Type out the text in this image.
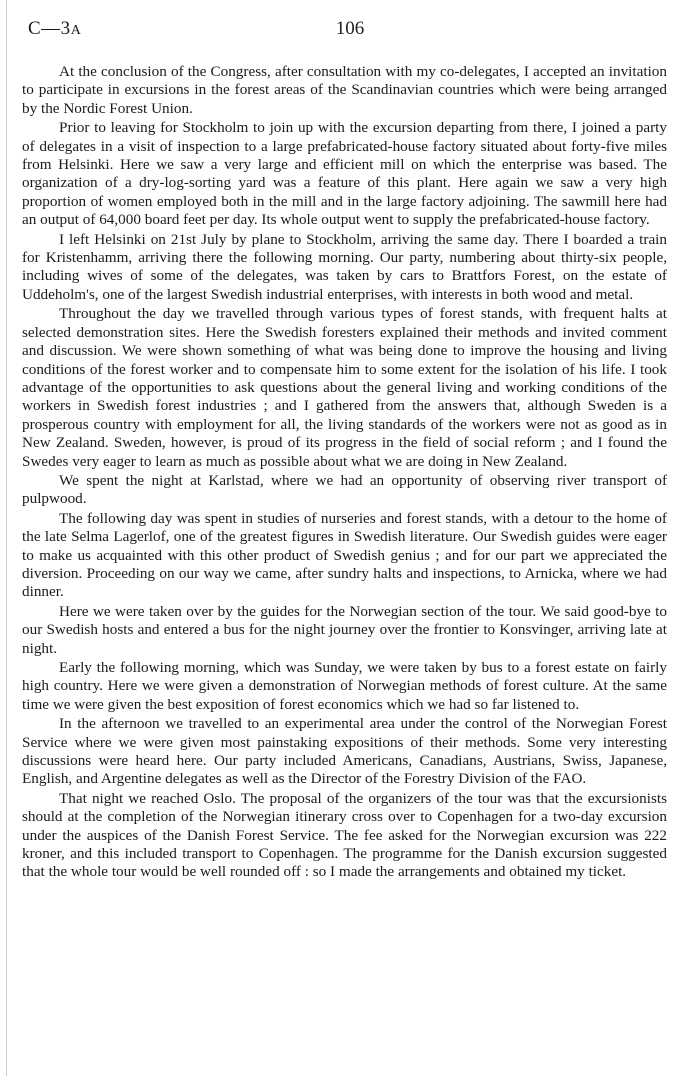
C—3A	106

At the conclusion of the Congress, after consultation with my co-delegates, I accepted an invitation to participate in excursions in the forest areas of the Scandinavian countries which were being arranged by the Nordic Forest Union.

Prior to leaving for Stockholm to join up with the excursion departing from there, I joined a party of delegates in a visit of inspection to a large prefabricated-house factory situated about forty-five miles from Helsinki. Here we saw a very large and efficient mill on which the enterprise was based. The organization of a dry-log-sorting yard was a feature of this plant. Here again we saw a very high proportion of women employed both in the mill and in the large factory adjoining. The sawmill here had an output of 64,000 board feet per day. Its whole output went to supply the prefabricated-house factory.

I left Helsinki on 21st July by plane to Stockholm, arriving the same day. There I boarded a train for Kristenhamm, arriving there the following morning. Our party, numbering about thirty-six people, including wives of some of the delegates, was taken by cars to Brattfors Forest, on the estate of Uddeholm's, one of the largest Swedish industrial enterprises, with interests in both wood and metal.

Throughout the day we travelled through various types of forest stands, with frequent halts at selected demonstration sites. Here the Swedish foresters explained their methods and invited comment and discussion. We were shown something of what was being done to improve the housing and living conditions of the forest worker and to compensate him to some extent for the isolation of his life. I took advantage of the opportunities to ask questions about the general living and working conditions of the workers in Swedish forest industries ; and I gathered from the answers that, although Sweden is a prosperous country with employment for all, the living standards of the workers were not as good as in New Zealand. Sweden, however, is proud of its progress in the field of social reform ; and I found the Swedes very eager to learn as much as possible about what we are doing in New Zealand.

We spent the night at Karlstad, where we had an opportunity of observing river transport of pulpwood.

The following day was spent in studies of nurseries and forest stands, with a detour to the home of the late Selma Lagerlof, one of the greatest figures in Swedish literature. Our Swedish guides were eager to make us acquainted with this other product of Swedish genius ; and for our part we appreciated the diversion. Proceeding on our way we came, after sundry halts and inspections, to Arnicka, where we had dinner.

Here we were taken over by the guides for the Norwegian section of the tour. We said good-bye to our Swedish hosts and entered a bus for the night journey over the frontier to Konsvinger, arriving late at night.

Early the following morning, which was Sunday, we were taken by bus to a forest estate on fairly high country. Here we were given a demonstration of Norwegian methods of forest culture. At the same time we were given the best exposition of forest economics which we had so far listened to.

In the afternoon we travelled to an experimental area under the control of the Norwegian Forest Service where we were given most painstaking expositions of their methods. Some very interesting discussions were heard here. Our party included Americans, Canadians, Austrians, Swiss, Japanese, English, and Argentine delegates as well as the Director of the Forestry Division of the FAO.

That night we reached Oslo. The proposal of the organizers of the tour was that the excursionists should at the completion of the Norwegian itinerary cross over to Copenhagen for a two-day excursion under the auspices of the Danish Forest Service. The fee asked for the Norwegian excursion was 222 kroner, and this included transport to Copenhagen. The programme for the Danish excursion suggested that the whole tour would be well rounded off : so I made the arrangements and obtained my ticket.
